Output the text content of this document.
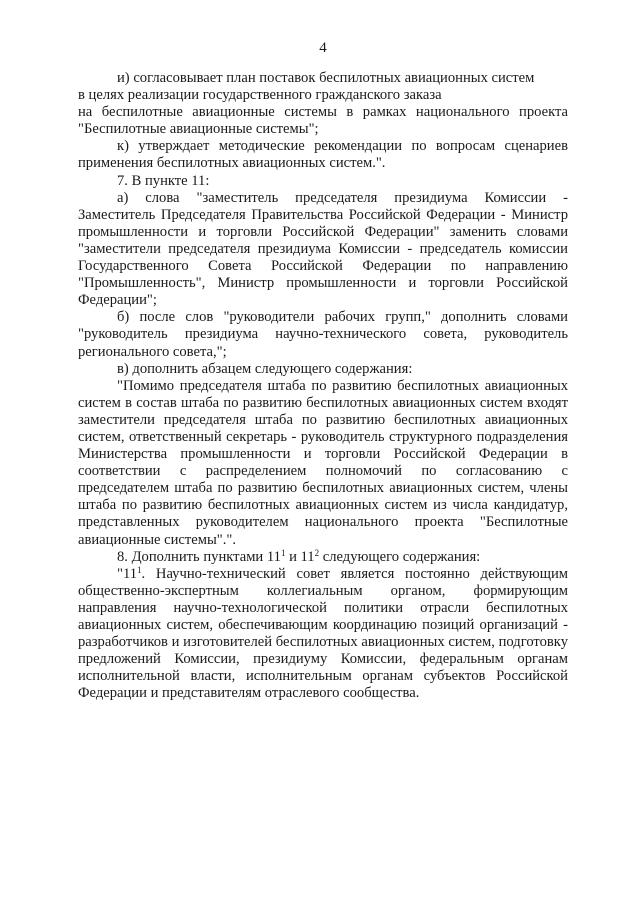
4

и) согласовывает план поставок беспилотных авиационных систем
в целях реализации государственного гражданского заказа
на беспилотные авиационные системы в рамках национального проекта "Беспилотные авиационные системы";

к) утверждает методические рекомендации по вопросам сценариев применения беспилотных авиационных систем.".

7. В пункте 11:

а) слова "заместитель председателя президиума Комиссии - Заместитель Председателя Правительства Российской Федерации - Министр промышленности и торговли Российской Федерации" заменить словами "заместители председателя президиума Комиссии - председатель комиссии Государственного Совета Российской Федерации по направлению "Промышленность", Министр промышленности и торговли Российской Федерации";

б) после слов "руководители рабочих групп," дополнить словами "руководитель президиума научно-технического совета, руководитель регионального совета,";

в) дополнить абзацем следующего содержания:

"Помимо председателя штаба по развитию беспилотных авиационных систем в состав штаба по развитию беспилотных авиационных систем входят заместители председателя штаба по развитию беспилотных авиационных систем, ответственный секретарь - руководитель структурного подразделения Министерства промышленности и торговли Российской Федерации в соответствии с распределением полномочий по согласованию с председателем штаба по развитию беспилотных авиационных систем, члены штаба по развитию беспилотных авиационных систем из числа кандидатур, представленных руководителем национального проекта "Беспилотные авиационные системы".".

8. Дополнить пунктами $11^1$ и $11^2$ следующего содержания:

"$11^1$. Научно-технический совет является постоянно действующим общественно-экспертным коллегиальным органом, формирующим направления научно-технологической политики отрасли беспилотных авиационных систем, обеспечивающим координацию позиций организаций - разработчиков и изготовителей беспилотных авиационных систем, подготовку предложений Комиссии, президиуму Комиссии, федеральным органам исполнительной власти, исполнительным органам субъектов Российской Федерации и представителям отраслевого сообщества.
